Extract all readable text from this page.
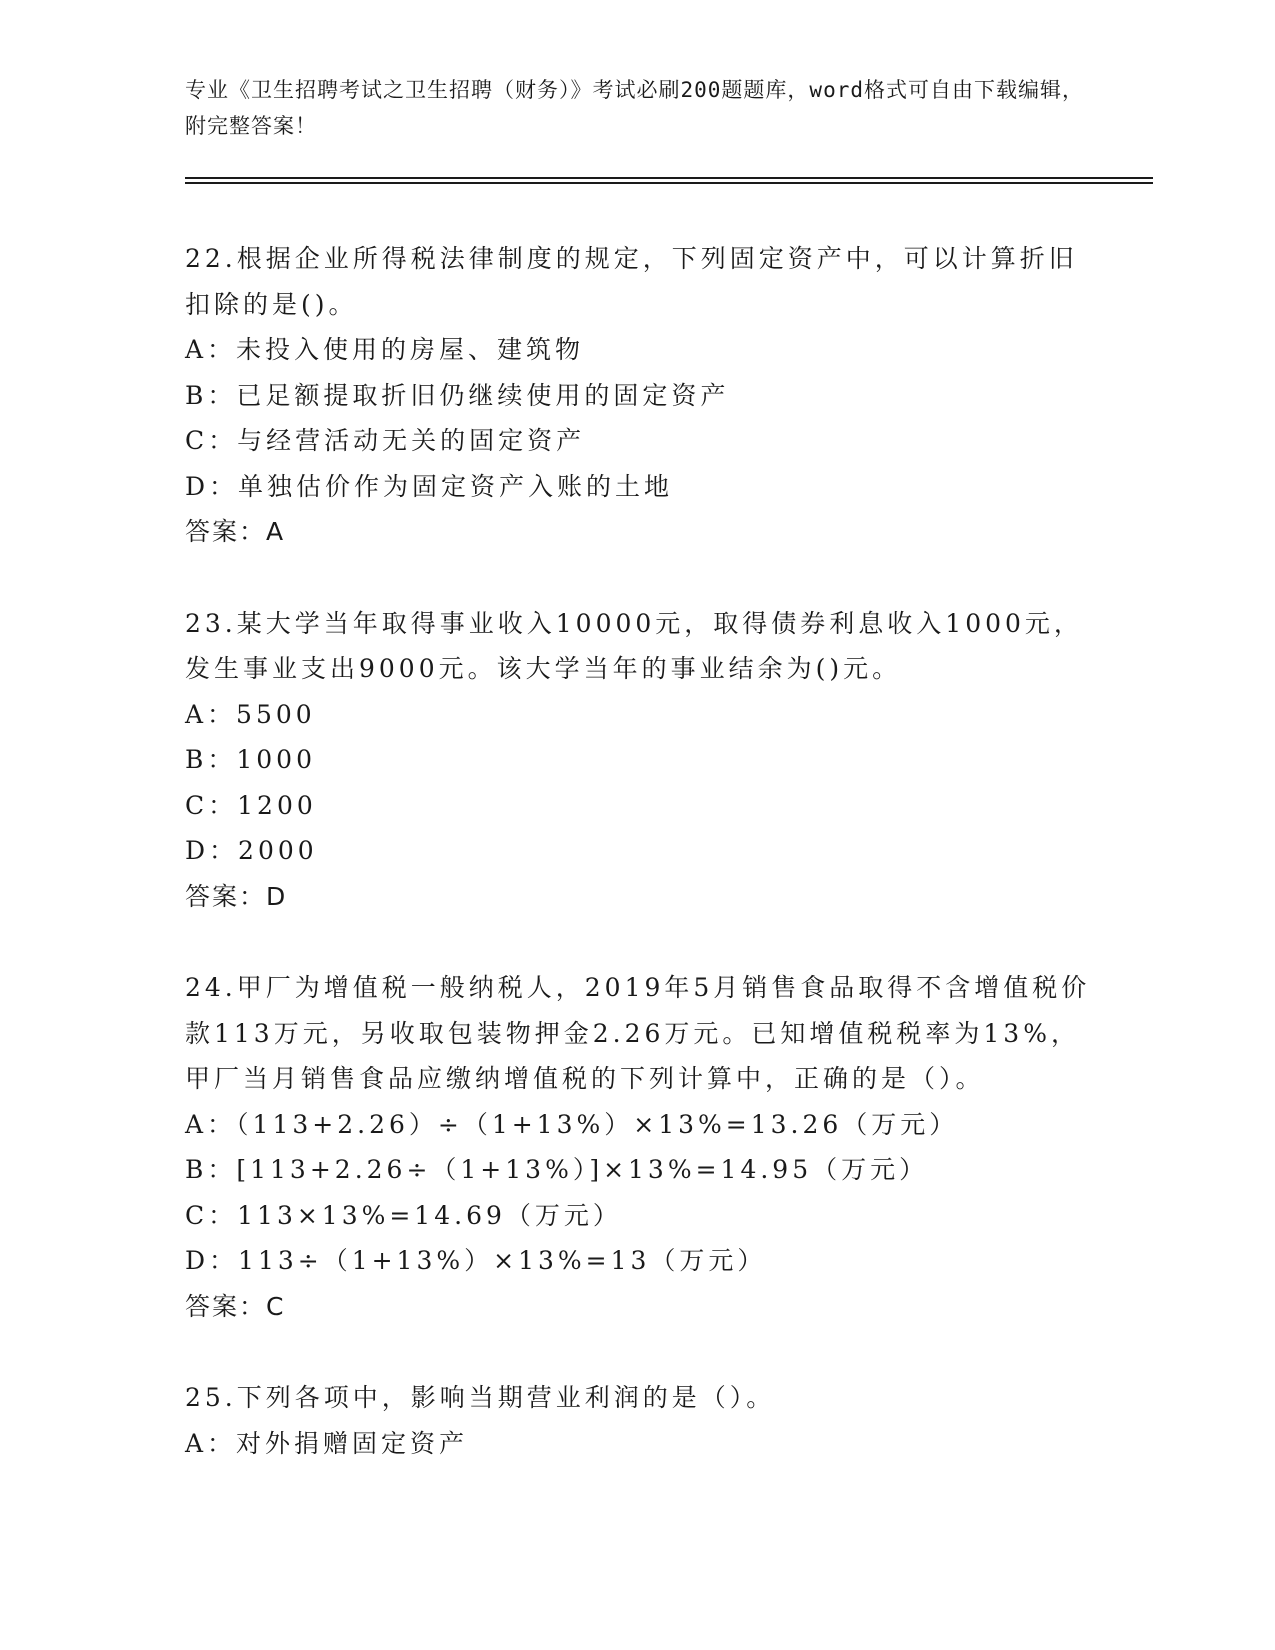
专业《卫生招聘考试之卫生招聘（财务）》考试必刷200题题库，word格式可自由下载编辑，附完整答案！
22.根据企业所得税法律制度的规定，下列固定资产中，可以计算折旧
扣除的是()。
A：未投入使用的房屋、建筑物
B：已足额提取折旧仍继续使用的固定资产
C：与经营活动无关的固定资产
D：单独估价作为固定资产入账的土地
答案：A
23.某大学当年取得事业收入10000元，取得债券利息收入1000元，
发生事业支出9000元。该大学当年的事业结余为()元。
A：5500
B：1000
C：1200
D：2000
答案：D
24.甲厂为增值税一般纳税人，2019年5月销售食品取得不含增值税价
款113万元，另收取包装物押金2.26万元。已知增值税税率为13%，
甲厂当月销售食品应缴纳增值税的下列计算中，正确的是（）。
A：（113+2.26）÷（1+13%）×13%=13.26（万元）
B：[113+2.26÷（1+13%）]×13%=14.95（万元）
C：113×13%=14.69（万元）
D：113÷（1+13%）×13%=13（万元）
答案：C
25.下列各项中，影响当期营业利润的是（）。
A：对外捐赠固定资产
